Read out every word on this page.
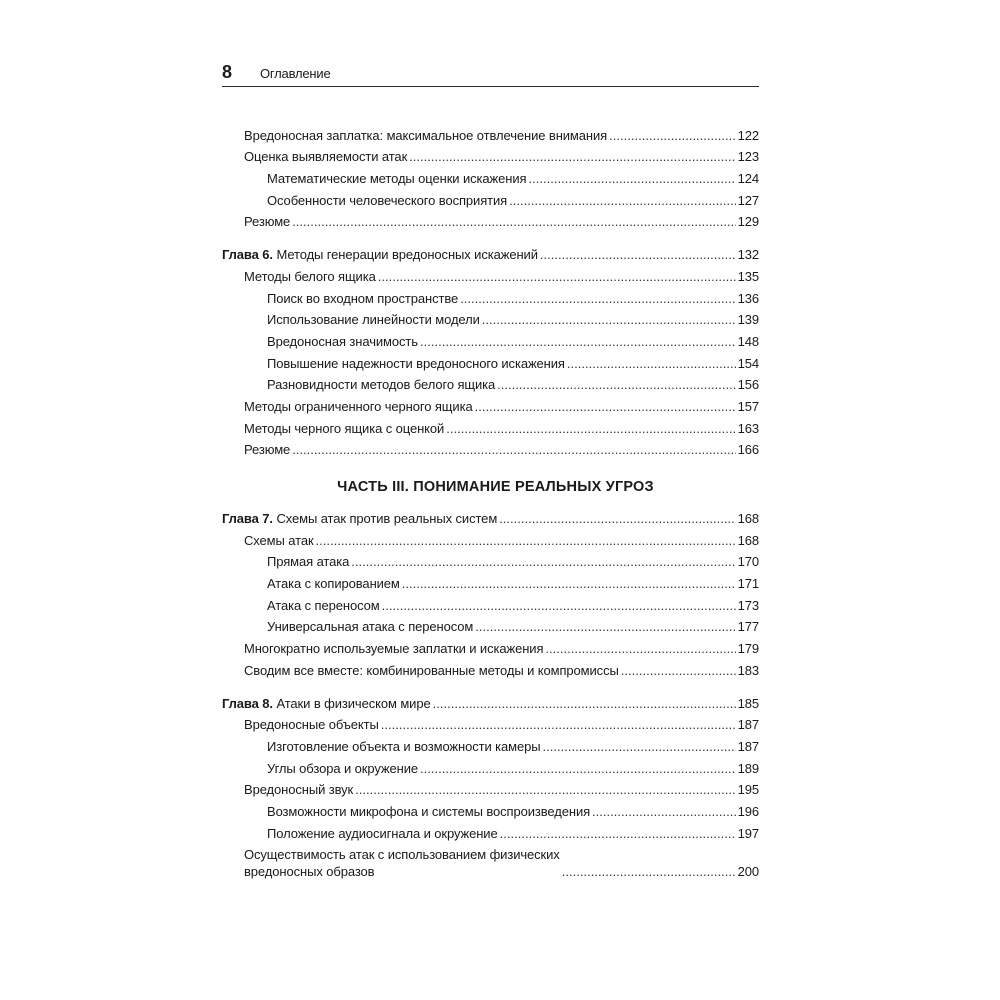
8 Оглавление
Вредоносная заплатка: максимальное отвлечение внимания . . .	122
Оценка выявляемости атак . . .	123
Математические методы оценки искажения . . .	124
Особенности человеческого восприятия . . .	127
Резюме . . .	129
Глава 6. Методы генерации вредоносных искажений . . .	132
Методы белого ящика . . .	135
Поиск во входном пространстве . . .	136
Использование линейности модели . . .	139
Вредоносная значимость . . .	148
Повышение надежности вредоносного искажения . . .	154
Разновидности методов белого ящика . . .	156
Методы ограниченного черного ящика . . .	157
Методы черного ящика с оценкой . . .	163
Резюме . . .	166
ЧАСТЬ III. ПОНИМАНИЕ РЕАЛЬНЫХ УГРОЗ
Глава 7. Схемы атак против реальных систем . . .	168
Схемы атак . . .	168
Прямая атака . . .	170
Атака с копированием . . .	171
Атака с переносом . . .	173
Универсальная атака с переносом . . .	177
Многократно используемые заплатки и искажения . . .	179
Сводим все вместе: комбинированные методы и компромиссы . . .	183
Глава 8. Атаки в физическом мире . . .	185
Вредоносные объекты . . .	187
Изготовление объекта и возможности камеры . . .	187
Углы обзора и окружение . . .	189
Вредоносный звук . . .	195
Возможности микрофона и системы воспроизведения . . .	196
Положение аудиосигнала и окружение . . .	197
Осуществимость атак с использованием физических
вредоносных образов . . .	200
